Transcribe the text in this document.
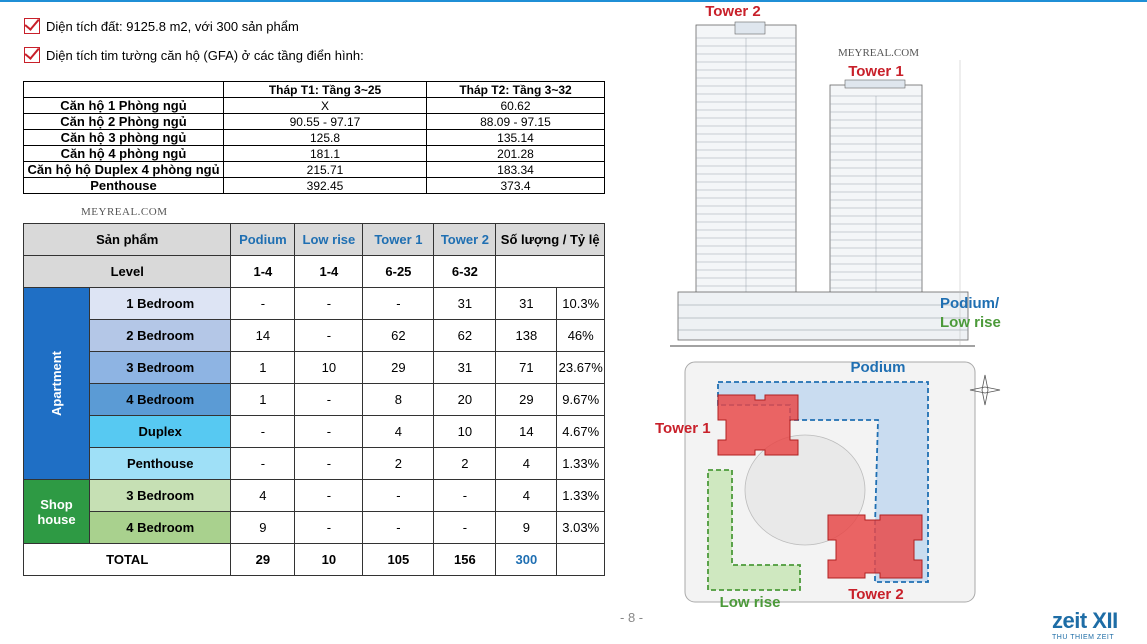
Diện tích đất: 9125.8 m2, với 300 sản phẩm
Diện tích tim tường căn hộ (GFA) ở các tầng điển hình:
	Tháp T1: Tầng 3~25	Tháp T2: Tầng 3~32
Căn hộ 1 Phòng ngủ	X	60.62
Căn hộ 2 Phòng ngủ	90.55 - 97.17	88.09 - 97.15
Căn hộ 3 phòng ngủ	125.8	135.14
Căn hộ 4 phòng ngủ	181.1	201.28
Căn hộ hộ Duplex 4 phòng ngủ	215.71	183.34
Penthouse	392.45	373.4
MEYREAL.COM
Sản phẩm		Podium	Low rise	Tower 1	Tower 2	Số lượng / Tỷ lệ	
Level		1-4	1-4	6-25	6-32		
Apartment	1 Bedroom	-	-	-	31	31	10.3%
	2 Bedroom	14	-	62	62	138	46%
	3 Bedroom	1	10	29	31	71	23.67%
	4 Bedroom	1	-	8	20	29	9.67%
	Duplex	-	-	4	10	14	4.67%
	Penthouse	-	-	2	2	4	1.33%
Shop house	3 Bedroom	4	-	-	-	4	1.33%
	4 Bedroom	9	-	-	-	9	3.03%
TOTAL		29	10	105	156	300	
Tower 2
Tower 1
MEYREAL.COM
Podium/
Low rise
Podium
Tower 1
Low rise	Tower 2
- 8 -	zeit XII
THU THIEM ZEIT
